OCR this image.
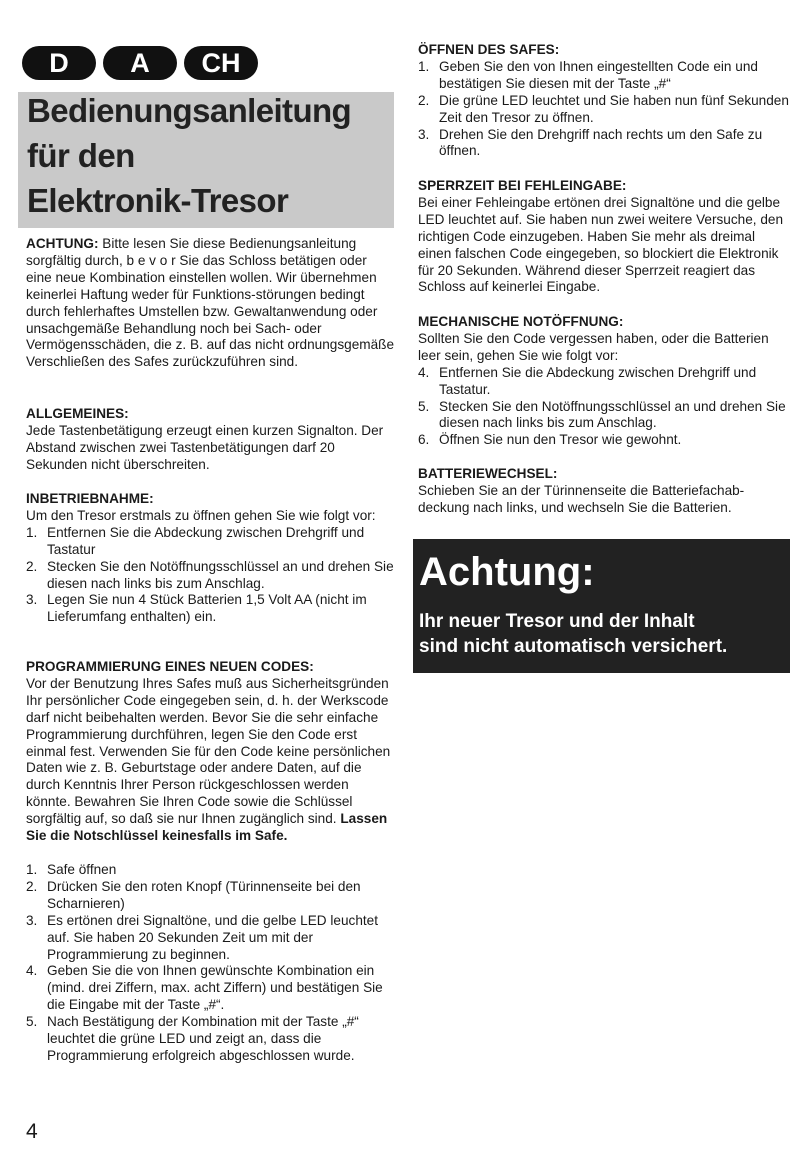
D	A	CH
Bedienungsanleitung
für den
Elektronik-Tresor

ACHTUNG: Bitte lesen Sie diese Bedienungsanleitung sorgfältig durch, b e v o r Sie das Schloss betätigen oder eine neue Kombination einstellen wollen. Wir übernehmen keinerlei Haftung weder für Funktions-störungen bedingt durch fehlerhaftes Umstellen bzw. Gewaltanwendung oder unsachgemäße Behandlung noch bei Sach- oder Vermögensschäden, die z. B. auf das nicht ordnungsgemäße Verschließen des Safes zurückzuführen sind.

ALLGEMEINES:

Jede Tastenbetätigung erzeugt einen kurzen Signalton. Der Abstand zwischen zwei Tastenbetätigungen darf 20 Sekunden nicht überschreiten.

INBETRIEBNAHME:

Um den Tresor erstmals zu öffnen gehen Sie wie folgt vor:

1. Entfernen Sie die Abdeckung zwischen Drehgriff und Tastatur
2. Stecken Sie den Notöffnungsschlüssel an und drehen Sie diesen nach links bis zum Anschlag.
3. Legen Sie nun 4 Stück Batterien 1,5 Volt AA (nicht im Lieferumfang enthalten) ein.

PROGRAMMIERUNG EINES NEUEN CODES:

Vor der Benutzung Ihres Safes muß aus Sicherheitsgründen Ihr persönlicher Code eingegeben sein, d. h. der Werkscode darf nicht beibehalten werden. Bevor Sie die sehr einfache Programmierung durchführen, legen Sie den Code erst einmal fest. Verwenden Sie für den Code keine persönlichen Daten wie z. B. Geburtstage oder andere Daten, auf die durch Kenntnis Ihrer Person rückgeschlossen werden könnte. Bewahren Sie Ihren Code sowie die Schlüssel sorgfältig auf, so daß sie nur Ihnen zugänglich sind. Lassen Sie die Notschlüssel keinesfalls im Safe.

1. Safe öffnen
2. Drücken Sie den roten Knopf (Türinnenseite bei den Scharnieren)
3. Es ertönen drei Signaltöne, und die gelbe LED leuchtet auf. Sie haben 20 Sekunden Zeit um mit der Programmierung zu beginnen.
4. Geben Sie die von Ihnen gewünschte Kombination ein (mind. drei Ziffern, max. acht Ziffern) und bestätigen Sie die Eingabe mit der Taste „#“.
5. Nach Bestätigung der Kombination mit der Taste „#“ leuchtet die grüne LED und zeigt an, dass die Programmierung erfolgreich abgeschlossen wurde.

ÖFFNEN DES SAFES:

1. Geben Sie den von Ihnen eingestellten Code ein und bestätigen Sie diesen mit der Taste „#“
2. Die grüne LED leuchtet und Sie haben nun fünf Sekunden Zeit den Tresor zu öffnen.
3. Drehen Sie den Drehgriff nach rechts um den Safe zu öffnen.

SPERRZEIT BEI FEHLEINGABE:

Bei einer Fehleingabe ertönen drei Signaltöne und die gelbe LED leuchtet auf. Sie haben nun zwei weitere Versuche, den richtigen Code einzugeben. Haben Sie mehr als dreimal einen falschen Code eingegeben, so blockiert die Elektronik für 20 Sekunden. Während dieser Sperrzeit reagiert das Schloss auf keinerlei Eingabe.

MECHANISCHE NOTÖFFNUNG:

Sollten Sie den Code vergessen haben, oder die Batterien leer sein, gehen Sie wie folgt vor:

4. Entfernen Sie die Abdeckung zwischen Drehgriff und Tastatur.
5. Stecken Sie den Notöffnungsschlüssel an und drehen Sie diesen nach links bis zum Anschlag.
6. Öffnen Sie nun den Tresor wie gewohnt.

BATTERIEWECHSEL:

Schieben Sie an der Türinnenseite die Batteriefachab-deckung nach links, und wechseln Sie die Batterien.

Achtung:
Ihr neuer Tresor und der Inhalt
sind nicht automatisch versichert.
4
